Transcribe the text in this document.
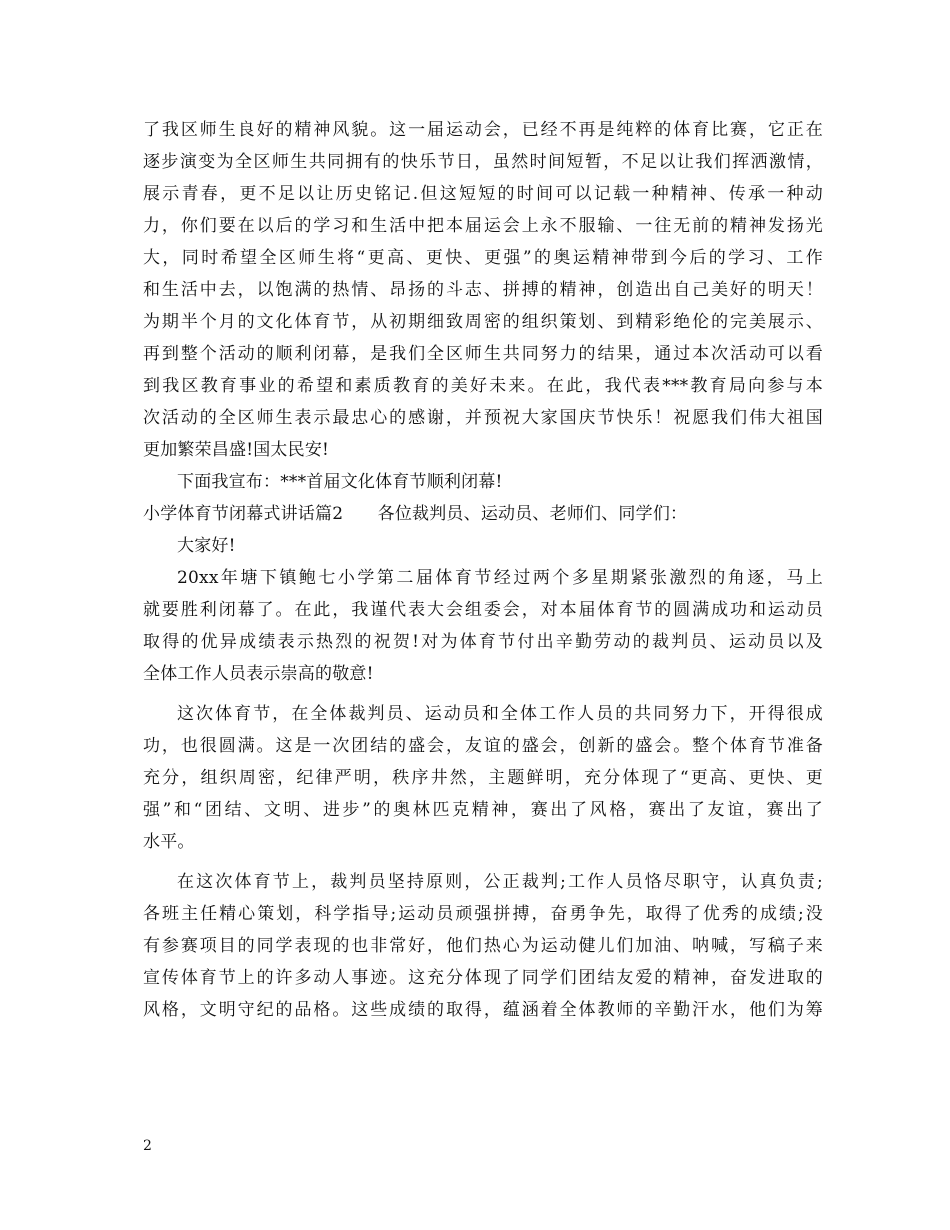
了我区师生良好的精神风貌。这一届运动会，已经不再是纯粹的体育比赛，它正在
逐步演变为全区师生共同拥有的快乐节日，虽然时间短暂，不足以让我们挥洒激情，
展示青春，更不足以让历史铭记.但这短短的时间可以记载一种精神、传承一种动
力，你们要在以后的学习和生活中把本届运会上永不服输、一往无前的精神发扬光
大，同时希望全区师生将“更高、更快、更强”的奥运精神带到今后的学习、工作
和生活中去，以饱满的热情、昂扬的斗志、拼搏的精神，创造出自己美好的明天！
为期半个月的文化体育节，从初期细致周密的组织策划、到精彩绝伦的完美展示、
再到整个活动的顺利闭幕，是我们全区师生共同努力的结果，通过本次活动可以看
到我区教育事业的希望和素质教育的美好未来。在此，我代表***教育局向参与本
次活动的全区师生表示最忠心的感谢，并预祝大家国庆节快乐！祝愿我们伟大祖国
更加繁荣昌盛!国太民安!
下面我宣布：***首届文化体育节顺利闭幕!
小学体育节闭幕式讲话篇2　　各位裁判员、运动员、老师们、同学们：
大家好!
20xx年塘下镇鲍七小学第二届体育节经过两个多星期紧张激烈的角逐，马上
就要胜利闭幕了。在此，我谨代表大会组委会，对本届体育节的圆满成功和运动员
取得的优异成绩表示热烈的祝贺!对为体育节付出辛勤劳动的裁判员、运动员以及
全体工作人员表示崇高的敬意!
这次体育节，在全体裁判员、运动员和全体工作人员的共同努力下，开得很成
功，也很圆满。这是一次团结的盛会，友谊的盛会，创新的盛会。整个体育节准备
充分，组织周密，纪律严明，秩序井然，主题鲜明，充分体现了“更高、更快、更
强”和“团结、文明、进步”的奥林匹克精神，赛出了风格，赛出了友谊，赛出了
水平。
在这次体育节上，裁判员坚持原则，公正裁判;工作人员恪尽职守，认真负责;
各班主任精心策划，科学指导;运动员顽强拼搏，奋勇争先，取得了优秀的成绩;没
有参赛项目的同学表现的也非常好，他们热心为运动健儿们加油、呐喊，写稿子来
宣传体育节上的许多动人事迹。这充分体现了同学们团结友爱的精神，奋发进取的
风格，文明守纪的品格。这些成绩的取得，蕴涵着全体教师的辛勤汗水，他们为筹
2
